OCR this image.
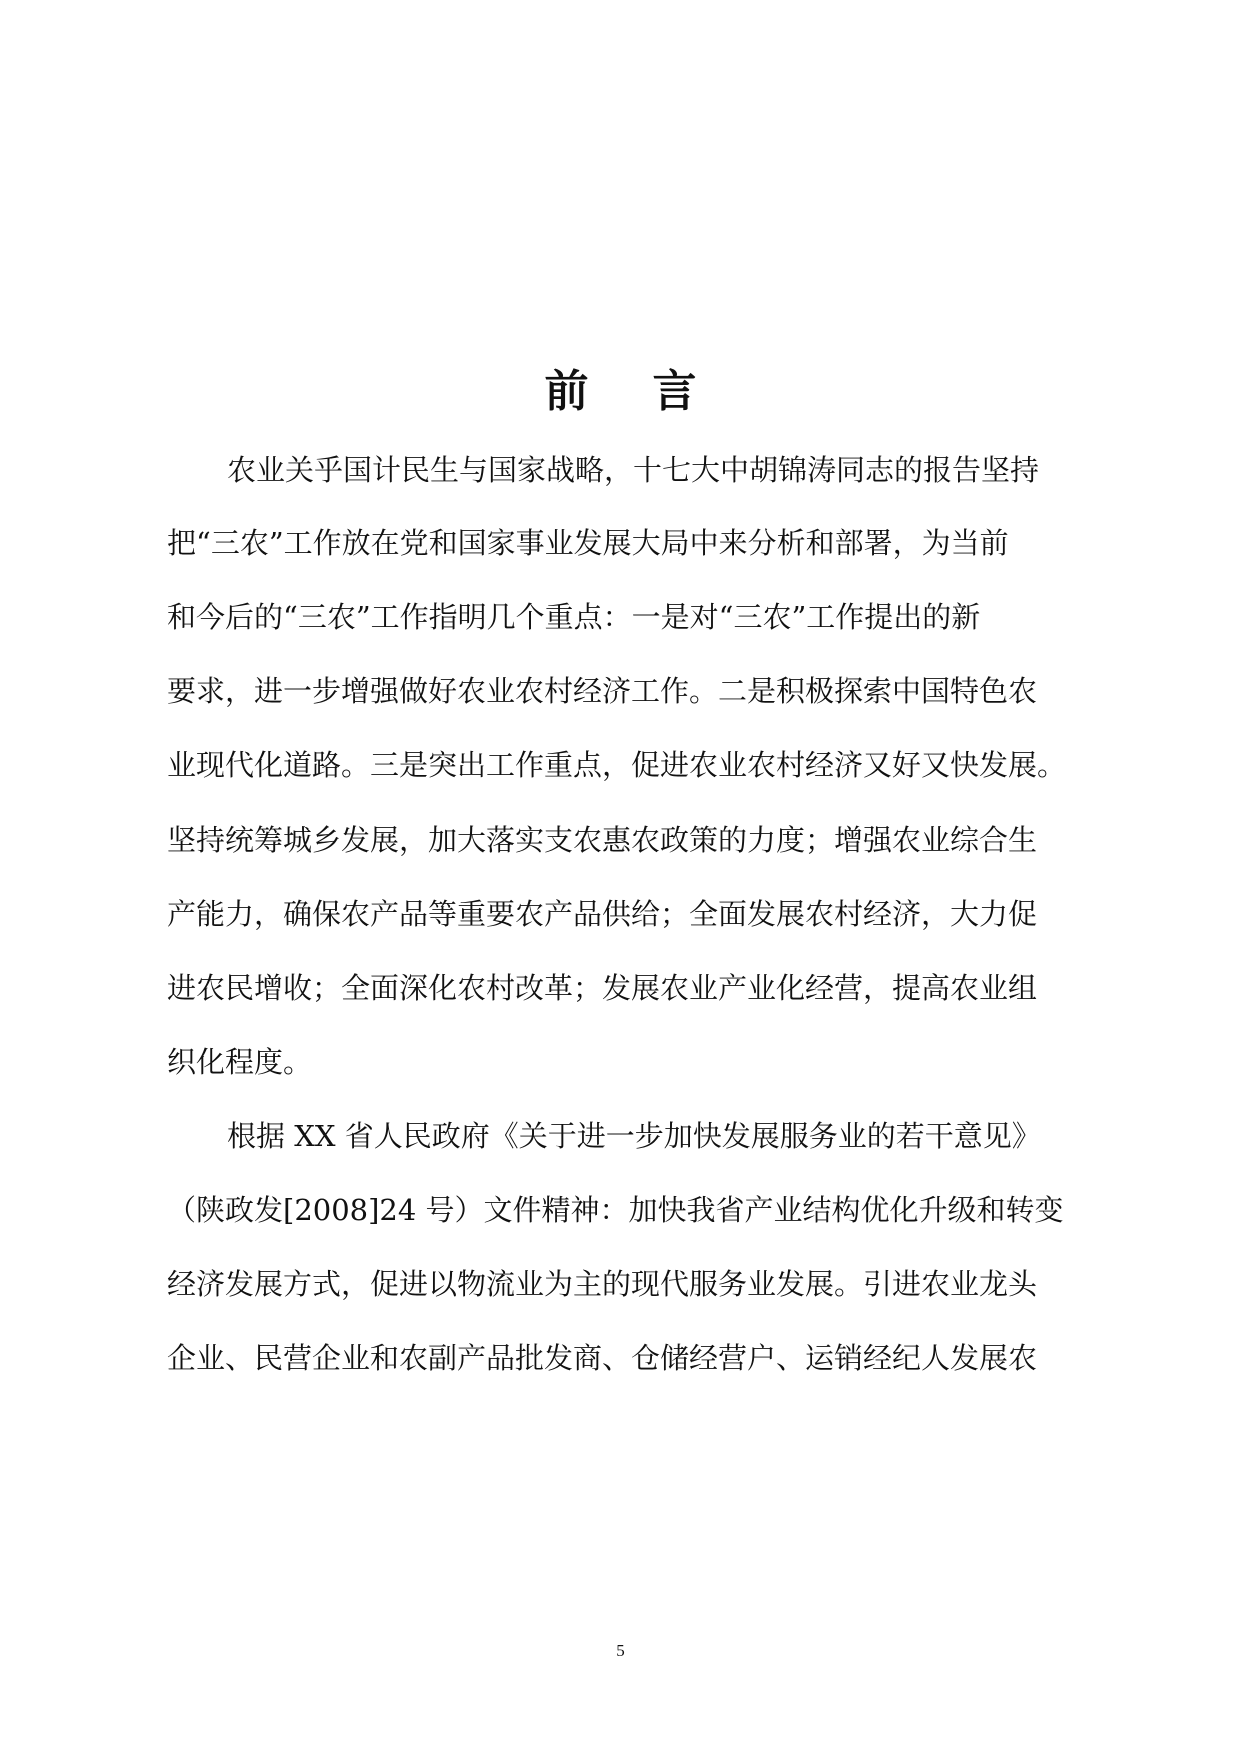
前 言
农业关乎国计民生与国家战略，十七大中胡锦涛同志的报告坚持
把“三农”工作放在党和国家事业发展大局中来分析和部署，为当前
和今后的“三农”工作指明几个重点：一是对“三农”工作提出的新
要求，进一步增强做好农业农村经济工作。二是积极探索中国特色农
业现代化道路。三是突出工作重点，促进农业农村经济又好又快发展。
坚持统筹城乡发展，加大落实支农惠农政策的力度；增强农业综合生
产能力，确保农产品等重要农产品供给；全面发展农村经济，大力促
进农民增收；全面深化农村改革；发展农业产业化经营，提高农业组
织化程度。
根据 XX 省人民政府《关于进一步加快发展服务业的若干意见》
（陕政发[2008]24 号）文件精神：加快我省产业结构优化升级和转变
经济发展方式，促进以物流业为主的现代服务业发展。引进农业龙头
企业、民营企业和农副产品批发商、仓储经营户、运销经纪人发展农
5
